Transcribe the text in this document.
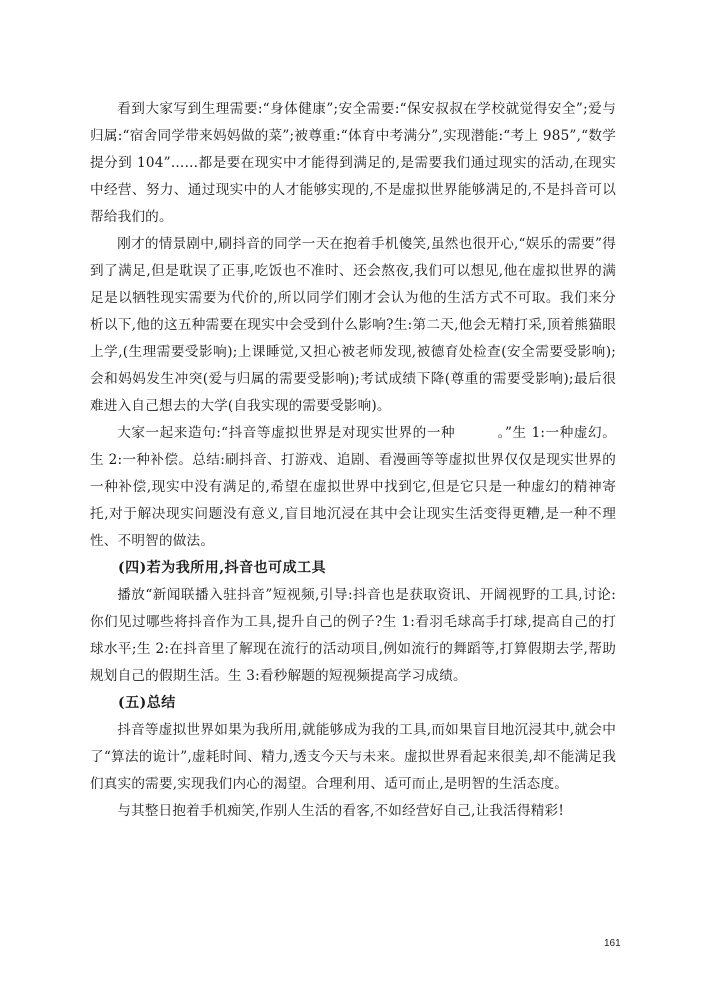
看到大家写到生理需要:“身体健康”;安全需要:“保安叔叔在学校就觉得安全”;爱与归属:“宿舍同学带来妈妈做的菜”;被尊重:“体育中考满分”,实现潜能:“考上 985”,“数学提分到 104”……都是要在现实中才能得到满足的,是需要我们通过现实的活动,在现实中经营、努力、通过现实中的人才能够实现的,不是虚拟世界能够满足的,不是抖音可以帮给我们的。

刚才的情景剧中,刷抖音的同学一天在抱着手机傻笑,虽然也很开心,“娱乐的需要”得到了满足,但是耽误了正事,吃饭也不准时、还会熬夜,我们可以想见,他在虚拟世界的满足是以牺牲现实需要为代价的,所以同学们刚才会认为他的生活方式不可取。我们来分析以下,他的这五种需要在现实中会受到什么影响?生:第二天,他会无精打采,顶着熊猫眼上学,(生理需要受影响);上课睡觉,又担心被老师发现,被德育处检查(安全需要受影响);会和妈妈发生冲突(爱与归属的需要受影响);考试成绩下降(尊重的需要受影响);最后很难进入自己想去的大学(自我实现的需要受影响)。

大家一起来造句:“抖音等虚拟世界是对现实世界的一种　　　。”生 1:一种虚幻。生 2:一种补偿。总结:刷抖音、打游戏、追剧、看漫画等等虚拟世界仅仅是现实世界的一种补偿,现实中没有满足的,希望在虚拟世界中找到它,但是它只是一种虚幻的精神寄托,对于解决现实问题没有意义,盲目地沉浸在其中会让现实生活变得更糟,是一种不理性、不明智的做法。

(四)若为我所用,抖音也可成工具

播放“新闻联播入驻抖音”短视频,引导:抖音也是获取资讯、开阔视野的工具,讨论:你们见过哪些将抖音作为工具,提升自己的例子?生 1:看羽毛球高手打球,提高自己的打球水平;生 2:在抖音里了解现在流行的活动项目,例如流行的舞蹈等,打算假期去学,帮助规划自己的假期生活。生 3:看秒解题的短视频提高学习成绩。

(五)总结

抖音等虚拟世界如果为我所用,就能够成为我的工具,而如果盲目地沉浸其中,就会中了“算法的诡计”,虚耗时间、精力,透支今天与未来。虚拟世界看起来很美,却不能满足我们真实的需要,实现我们内心的渴望。合理利用、适可而止,是明智的生活态度。

与其整日抱着手机痴笑,作别人生活的看客,不如经营好自己,让我活得精彩!

161
